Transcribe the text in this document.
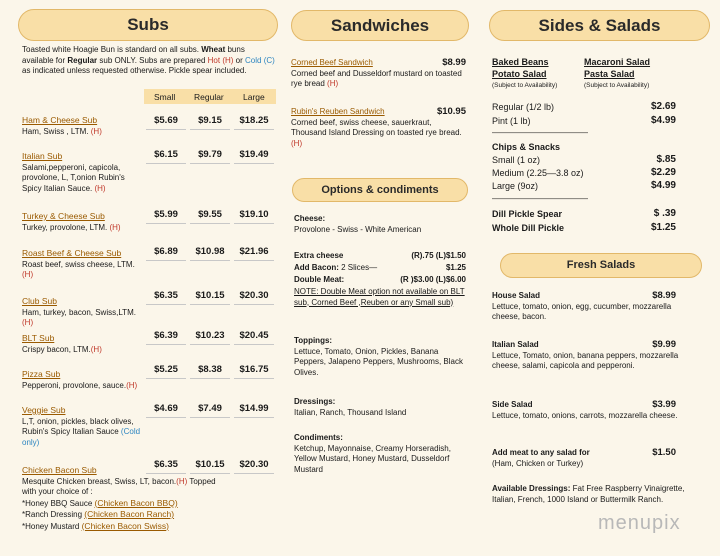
Subs
Toasted white Hoagie Bun is standard on all subs. Wheat buns available for Regular sub ONLY. Subs are prepared Hot (H) or Cold (C) as indicated unless requested otherwise. Pickle spear included.
Small Regular Large
Ham & Cheese Sub
Ham, Swiss , LTM. (H)
$5.69	$9.15	$18.25
Italian Sub
Salami,pepperoni, capicola, provolone, L, T,onion Rubin's Spicy Italian Sauce. (H)
$6.15	$9.79	$19.49
Turkey & Cheese Sub
Turkey, provolone, LTM. (H)
$5.99	$9.55	$19.10
Roast Beef & Cheese Sub
Roast beef, swiss cheese, LTM. (H)
$6.89	$10.98	$21.96
Club Sub
Ham, turkey, bacon, Swiss,LTM.(H)
$6.35	$10.15	$20.30
BLT Sub
Crispy bacon, LTM.(H)
$6.39	$10.23	$20.45
Pizza Sub
Pepperoni, provolone, sauce.(H)
$5.25	$8.38	$16.75
Veggie Sub
L,T, onion, pickles, black olives, Rubin's Spicy Italian Sauce (Cold only)
$4.69	$7.49	$14.99
Chicken Bacon Sub
Mesquite Chicken breast, Swiss, LT, bacon.(H) Topped with your choice of :
*Honey BBQ Sauce (Chicken Bacon BBQ)
*Ranch Dressing (Chicken Bacon Ranch)
*Honey Mustard (Chicken Bacon Swiss)
$6.35	$10.15	$20.30
Sandwiches
Corned Beef Sandwich
Corned beef and Dusseldorf mustard on toasted rye bread (H)
$8.99
Rubin's Reuben Sandwich
Corned beef, swiss cheese, sauerkraut, Thousand Island Dressing on toasted rye bread. (H)
$10.95
Options & condiments
Cheese:
Provolone - Swiss - White American
Extra cheese	(R).75 (L)$1.50
Add Bacon: 2 Slices—	$1.25
Double Meat:	(R )$3.00 (L)$6.00
NOTE: Double Meat option not available on BLT sub, Corned Beef ,Reuben or any Small sub)
Toppings:
Lettuce, Tomato, Onion, Pickles, Banana Peppers, Jalapeno Peppers, Mushrooms, Black Olives.
Dressings:
Italian, Ranch, Thousand Island
Condiments:
Ketchup, Mayonnaise, Creamy Horseradish, Yellow Mustard, Honey Mustard, Dusseldorf Mustard
Sides & Salads
Baked Beans
Potato Salad
(Subject to Availability)
Macaroni Salad
Pasta Salad
(Subject to Availability)
Regular (1/2 lb)	$2.69
Pint (1 lb)	$4.99
————————————
Chips & Snacks
Small (1 oz)	$.85
Medium (2.25—3.8 oz)	$2.29
Large (9oz)	$4.99
————————————
Dill Pickle Spear	$ .39
Whole Dill Pickle	$1.25
Fresh Salads
House Salad
Lettuce, tomato, onion, egg, cucumber, mozzarella cheese, bacon.
$8.99
Italian Salad
Lettuce, Tomato, onion, banana peppers, mozzarella cheese, salami, capicola and pepperoni.
$9.99
Side Salad
Lettuce, tomato, onions, carrots, mozzarella cheese.
$3.99
Add meat to any salad for
(Ham, Chicken or Turkey)
$1.50
Available Dressings: Fat Free Raspberry Vinaigrette, Italian, French, 1000 Island or Buttermilk Ranch.
menupix
